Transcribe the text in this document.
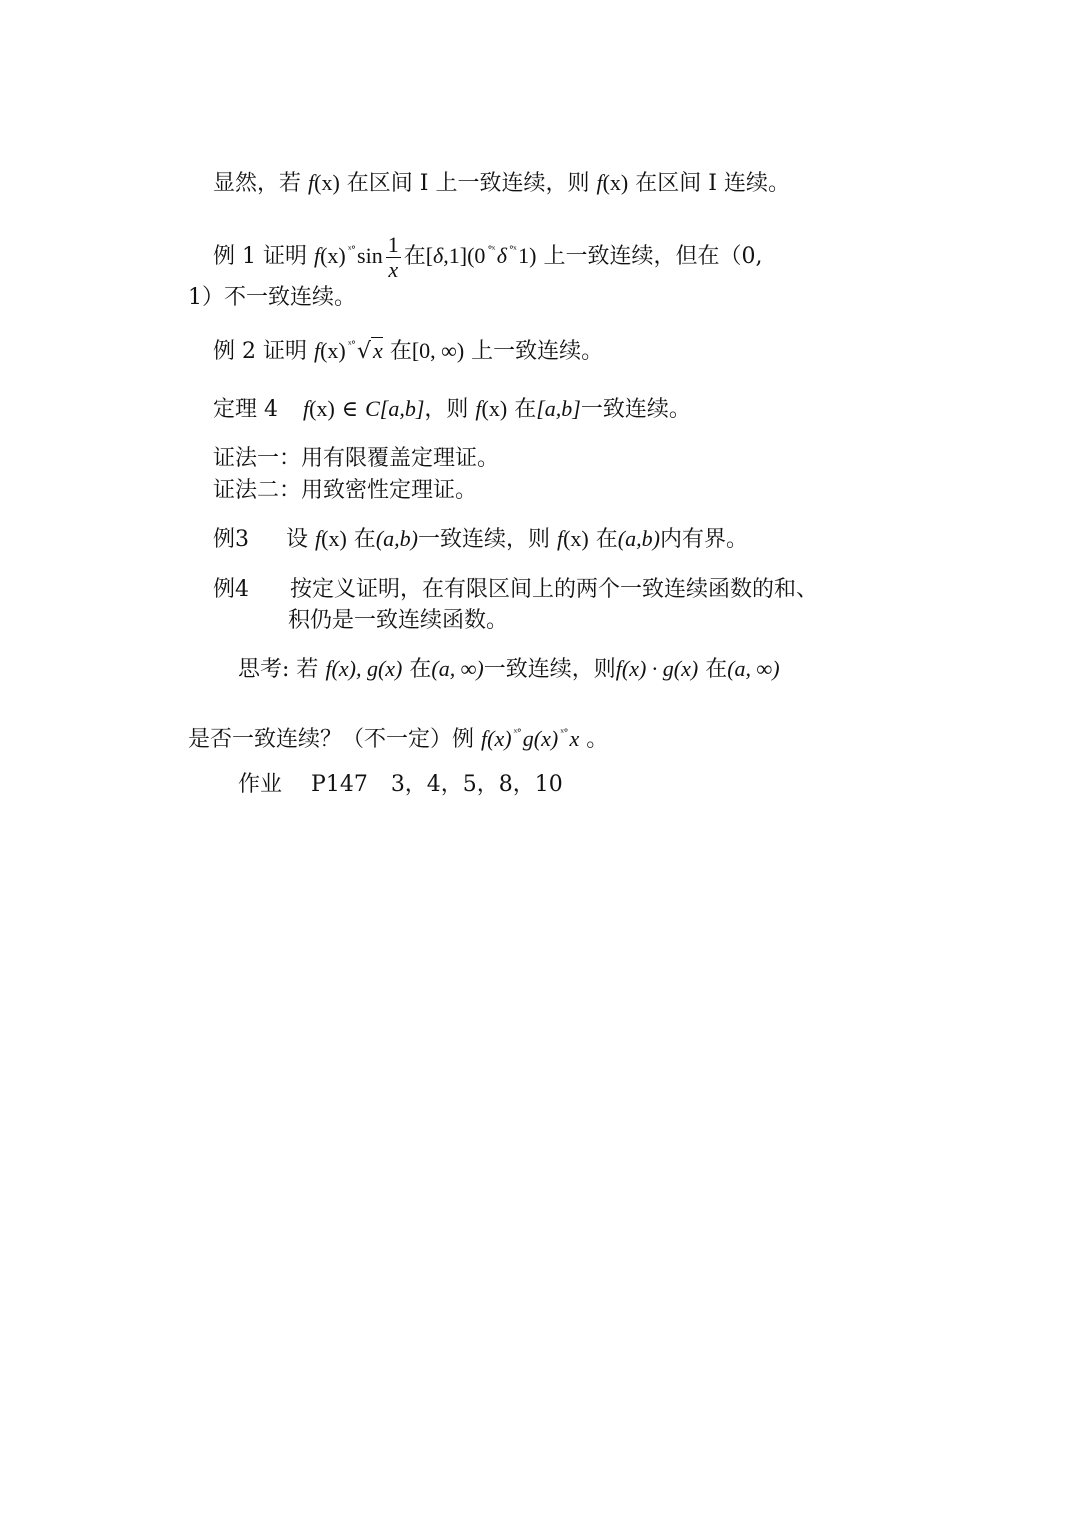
显然，若 f(x) 在区间 I 上一致连续，则 f(x) 在区间 I 连续。
例 1 证明 f(x) $^{ˣ^\circ}\sin \frac{1}{x}$ 在[δ,1](0 $^{^\circ ˣ}$δ $^{^\circ ˣ}$1) 上一致连续，但在（0,
1）不一致连续。
例 2 证明 f(x) $^{ˣ^\circ}$√x 在[0, ∞) 上一致连续。
定理 4 f(x) ∈ C[a,b]，则 f(x) 在[a,b]一致连续。
证法一：用有限覆盖定理证。
证法二：用致密性定理证。
例3 设 f(x) 在(a,b)一致连续，则 f(x) 在(a,b)内有界。
例4 按定义证明，在有限区间上的两个一致连续函数的和、
积仍是一致连续函数。
思考: 若 f(x), g(x) 在(a, ∞)一致连续，则f(x) · g(x) 在(a, ∞)
是否一致连续？（不一定）例 f(x) $^{ˣ^\circ}$g(x) $^{ˣ^\circ}$x 。
作业 P147 3，4，5，8，10
